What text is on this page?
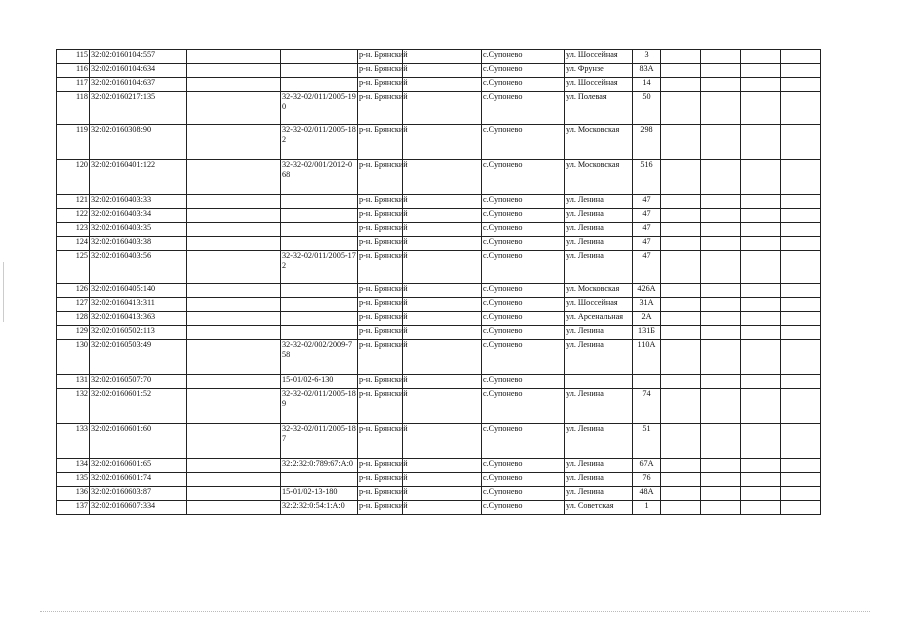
115	32:02:0160104:557			р-н. Брянский		с.Супонево	ул. Шоссейная	3				
116	32:02:0160104:634			р-н. Брянский		с.Супонево	ул. Фрунзе	83А				
117	32:02:0160104:637			р-н. Брянский		с.Супонево	ул. Шоссейная	14				
118	32:02:0160217:135		32-32-02/011/2005-190	р-н. Брянский		с.Супонево	ул. Полевая	50				
119	32:02:0160308:90		32-32-02/011/2005-182	р-н. Брянский		с.Супонево	ул. Московская	298				
120	32:02:0160401:122		32-32-02/001/2012-068	р-н. Брянский		с.Супонево	ул. Московская	516				
121	32:02:0160403:33			р-н. Брянский		с.Супонево	ул. Ленина	47				
122	32:02:0160403:34			р-н. Брянский		с.Супонево	ул. Ленина	47				
123	32:02:0160403:35			р-н. Брянский		с.Супонево	ул. Ленина	47				
124	32:02:0160403:38			р-н. Брянский		с.Супонево	ул. Ленина	47				
125	32:02:0160403:56		32-32-02/011/2005-172	р-н. Брянский		с.Супонево	ул. Ленина	47				
126	32:02:0160405:140			р-н. Брянский		с.Супонево	ул. Московская	426А				
127	32:02:0160413:311			р-н. Брянский		с.Супонево	ул. Шоссейная	31А				
128	32:02:0160413:363			р-н. Брянский		с.Супонево	ул. Арсенальная	2А				
129	32:02:0160502:113			р-н. Брянский		с.Супонево	ул. Ленина	131Б				
130	32:02:0160503:49		32-32-02/002/2009-758	р-н. Брянский		с.Супонево	ул. Ленина	110А				
131	32:02:0160507:70		15-01/02-6-130	р-н. Брянский		с.Супонево						
132	32:02:0160601:52		32-32-02/011/2005-189	р-н. Брянский		с.Супонево	ул. Ленина	74				
133	32:02:0160601:60		32-32-02/011/2005-187	р-н. Брянский		с.Супонево	ул. Ленина	51				
134	32:02:0160601:65		32:2:32:0:789:67:А:0	р-н. Брянский		с.Супонево	ул. Ленина	67А				
135	32:02:0160601:74			р-н. Брянский		с.Супонево	ул. Ленина	76				
136	32:02:0160603:87		15-01/02-13-180	р-н. Брянский		с.Супонево	ул. Ленина	48А				
137	32:02:0160607:334		32:2:32:0:54:1:А:0	р-н. Брянский		с.Супонево	ул. Советская	1				
